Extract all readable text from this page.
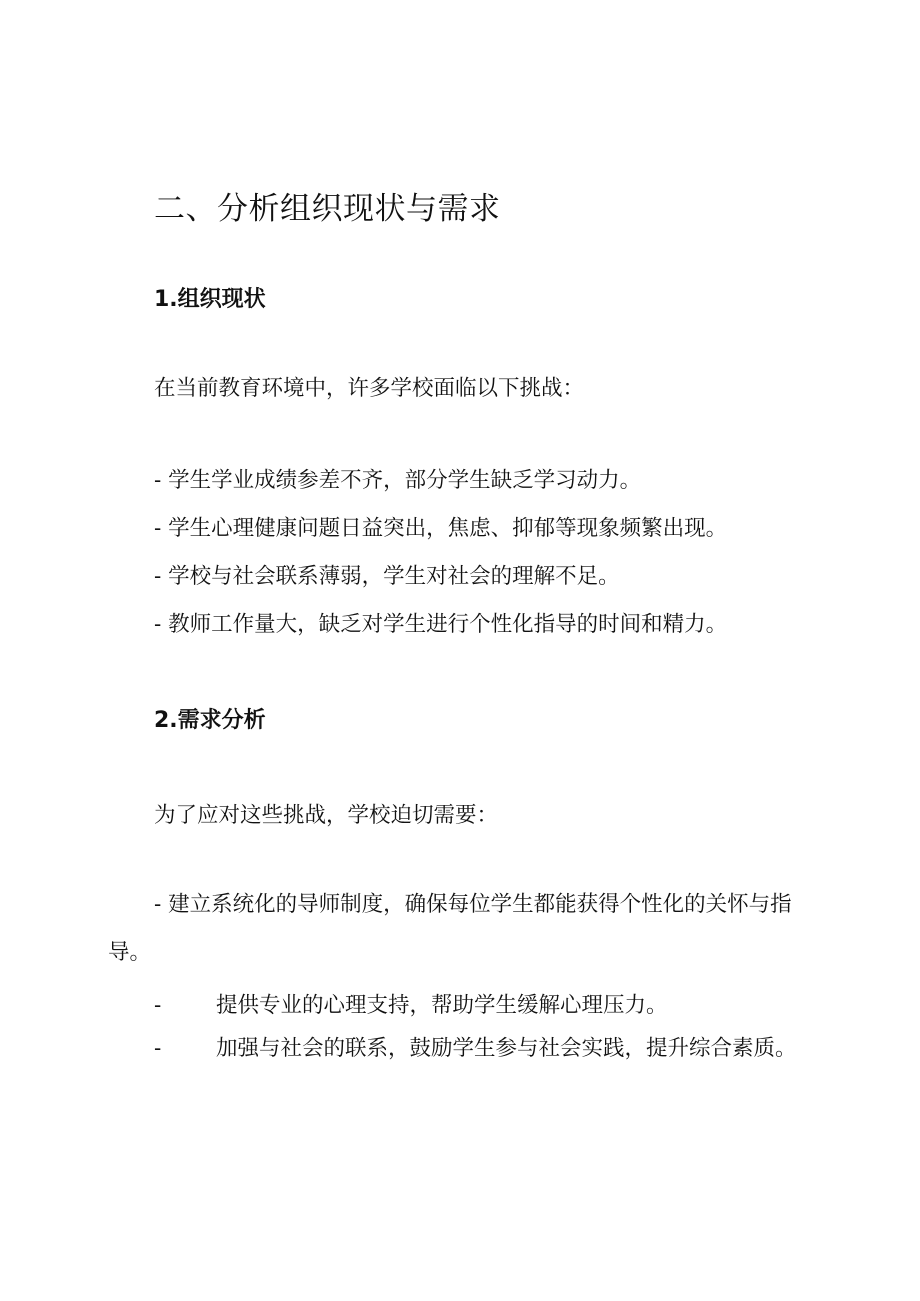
二、分析组织现状与需求
1.组织现状

在当前教育环境中，许多学校面临以下挑战：

- 学生学业成绩参差不齐，部分学生缺乏学习动力。

- 学生心理健康问题日益突出，焦虑、抑郁等现象频繁出现。

- 学校与社会联系薄弱，学生对社会的理解不足。

- 教师工作量大，缺乏对学生进行个性化指导的时间和精力。

2.需求分析

为了应对这些挑战，学校迫切需要：

- 建立系统化的导师制度，确保每位学生都能获得个性化的关怀与指导。

-	提供专业的心理支持，帮助学生缓解心理压力。

-	加强与社会的联系，鼓励学生参与社会实践，提升综合素质。
